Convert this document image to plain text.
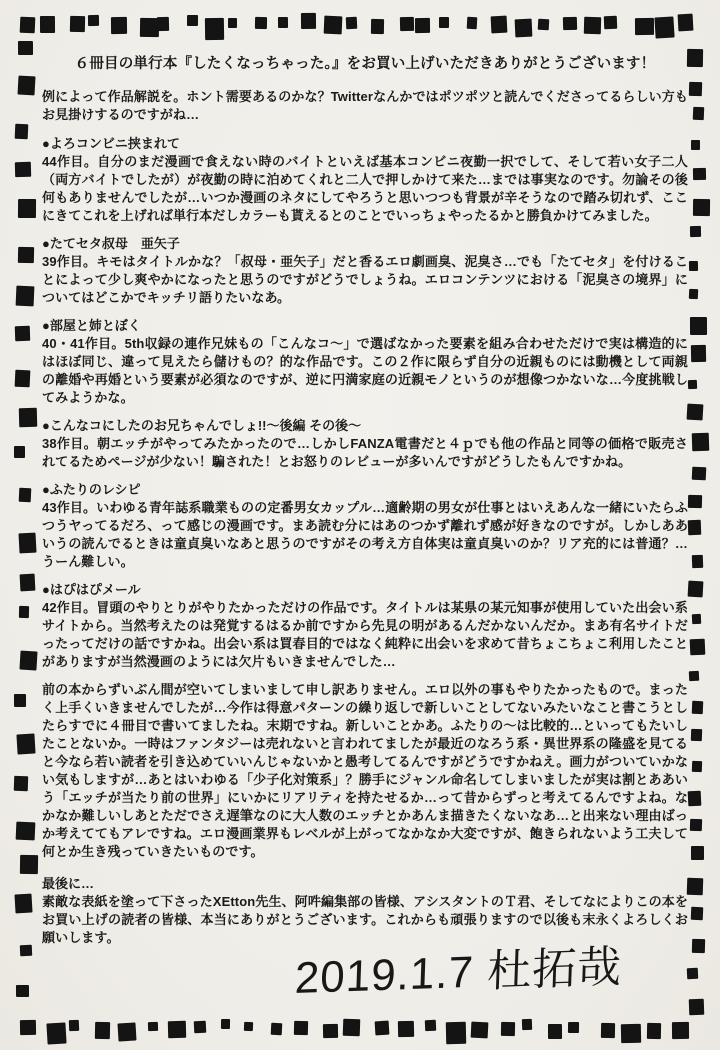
６冊目の単行本『したくなっちゃった。』をお買い上げいただきありがとうございます！

例によって作品解説を。ホント需要あるのかな？Twitterなんかではポツポツと読んでくださってるらしい方もお見掛けするのですがね…

●よろコンビニ挟まれて

44作目。自分のまだ漫画で食えない時のバイトといえば基本コンビニ夜勤一択でして、そして若い女子二人（両方バイトでしたが）が夜勤の時に泊めてくれと二人で押しかけて来た…までは事実なのです。勿論その後何もありませんでしたが…いつか漫画のネタにしてやろうと思いつつも背景が辛そうなので踏み切れず、ここにきてこれを上げれば単行本だしカラーも貰えるとのことでいっちょやったるかと勝負かけてみました。

●たてセタ叔母　亜矢子

39作目。キモはタイトルかな？「叔母・亜矢子」だと香るエロ劇画臭、泥臭さ…でも「たてセタ」を付けることによって少し爽やかになったと思うのですがどうでしょうね。エロコンテンツにおける「泥臭さの境界」についてはどこかでキッチリ語りたいなあ。

●部屋と姉とぼく

40・41作目。5th収録の連作兄妹もの「こんなコ〜」で選ばなかった要素を組み合わせただけで実は構造的にはほぼ同じ、違って見えたら儲けもの？的な作品です。この２作に限らず自分の近親ものには動機として両親の離婚や再婚という要素が必須なのですが、逆に円満家庭の近親モノというのが想像つかないな…今度挑戦してみようかな。

●こんなコにしたのお兄ちゃんでしょ!!〜後編 その後〜

38作目。朝エッチがやってみたかったので…しかしFANZA電書だと４ｐでも他の作品と同等の価格で販売されてるためページが少ない！騙された！とお怒りのレビューが多いんですがどうしたもんですかね。

●ふたりのレシピ

43作目。いわゆる青年誌系職業ものの定番男女カップル…適齢期の男女が仕事とはいえあんな一緒にいたらふつうヤってるだろ、って感じの漫画です。まあ読む分にはあのつかず離れず感が好きなのですが。しかしああいうの読んでるときは童貞臭いなあと思うのですがその考え方自体実は童貞臭いのか？リア充的には普通？…うーん難しい。

●はぴはぴメール

42作目。冒頭のやりとりがやりたかっただけの作品です。タイトルは某県の某元知事が使用していた出会い系サイトから。当然考えたのは発覚するはるか前ですから先見の明があるんだかないんだか。まあ有名サイトだったってだけの話ですかね。出会い系は買春目的ではなく純粋に出会いを求めて昔ちょこちょこ利用したことがありますが当然漫画のようには欠片もいきませんでした…

前の本からずいぶん間が空いてしまいまして申し訳ありません。エロ以外の事もやりたかったもので。まったく上手くいきませんでしたが…今作は得意パターンの繰り返しで新しいことしてないみたいなこと書こうとしたらすでに４冊目で書いてましたね。末期ですね。新しいことかあ。ふたりの〜は比較的…といってもたいしたことないか。一時はファンタジーは売れないと言われてましたが最近のなろう系・異世界系の隆盛を見てると今なら若い読者を引き込めていいんじゃないかと愚考してるんですがどうですかねえ。画力がついていかない気もしますが…あとはいわゆる「少子化対策系」？勝手にジャンル命名してしまいましたが実は割とああいう「エッチが当たり前の世界」にいかにリアリティを持たせるか…って昔からずっと考えてるんですよね。なかなか難しいしあとただでさえ遅筆なのに大人数のエッチとかあんま描きたくないなあ…と出来ない理由ばっか考えててもアレですね。エロ漫画業界もレベルが上がってなかなか大変ですが、飽きられないよう工夫して何とか生き残っていきたいものです。

最後に…

素敵な表紙を塗って下さったXEtton先生、阿吽編集部の皆様、アシスタントのＴ君、そしてなによりこの本をお買い上げの読者の皆様、本当にありがとうございます。これからも頑張りますので以後も末永くよろしくお願いします。

2019.1.7 杜拓哉
